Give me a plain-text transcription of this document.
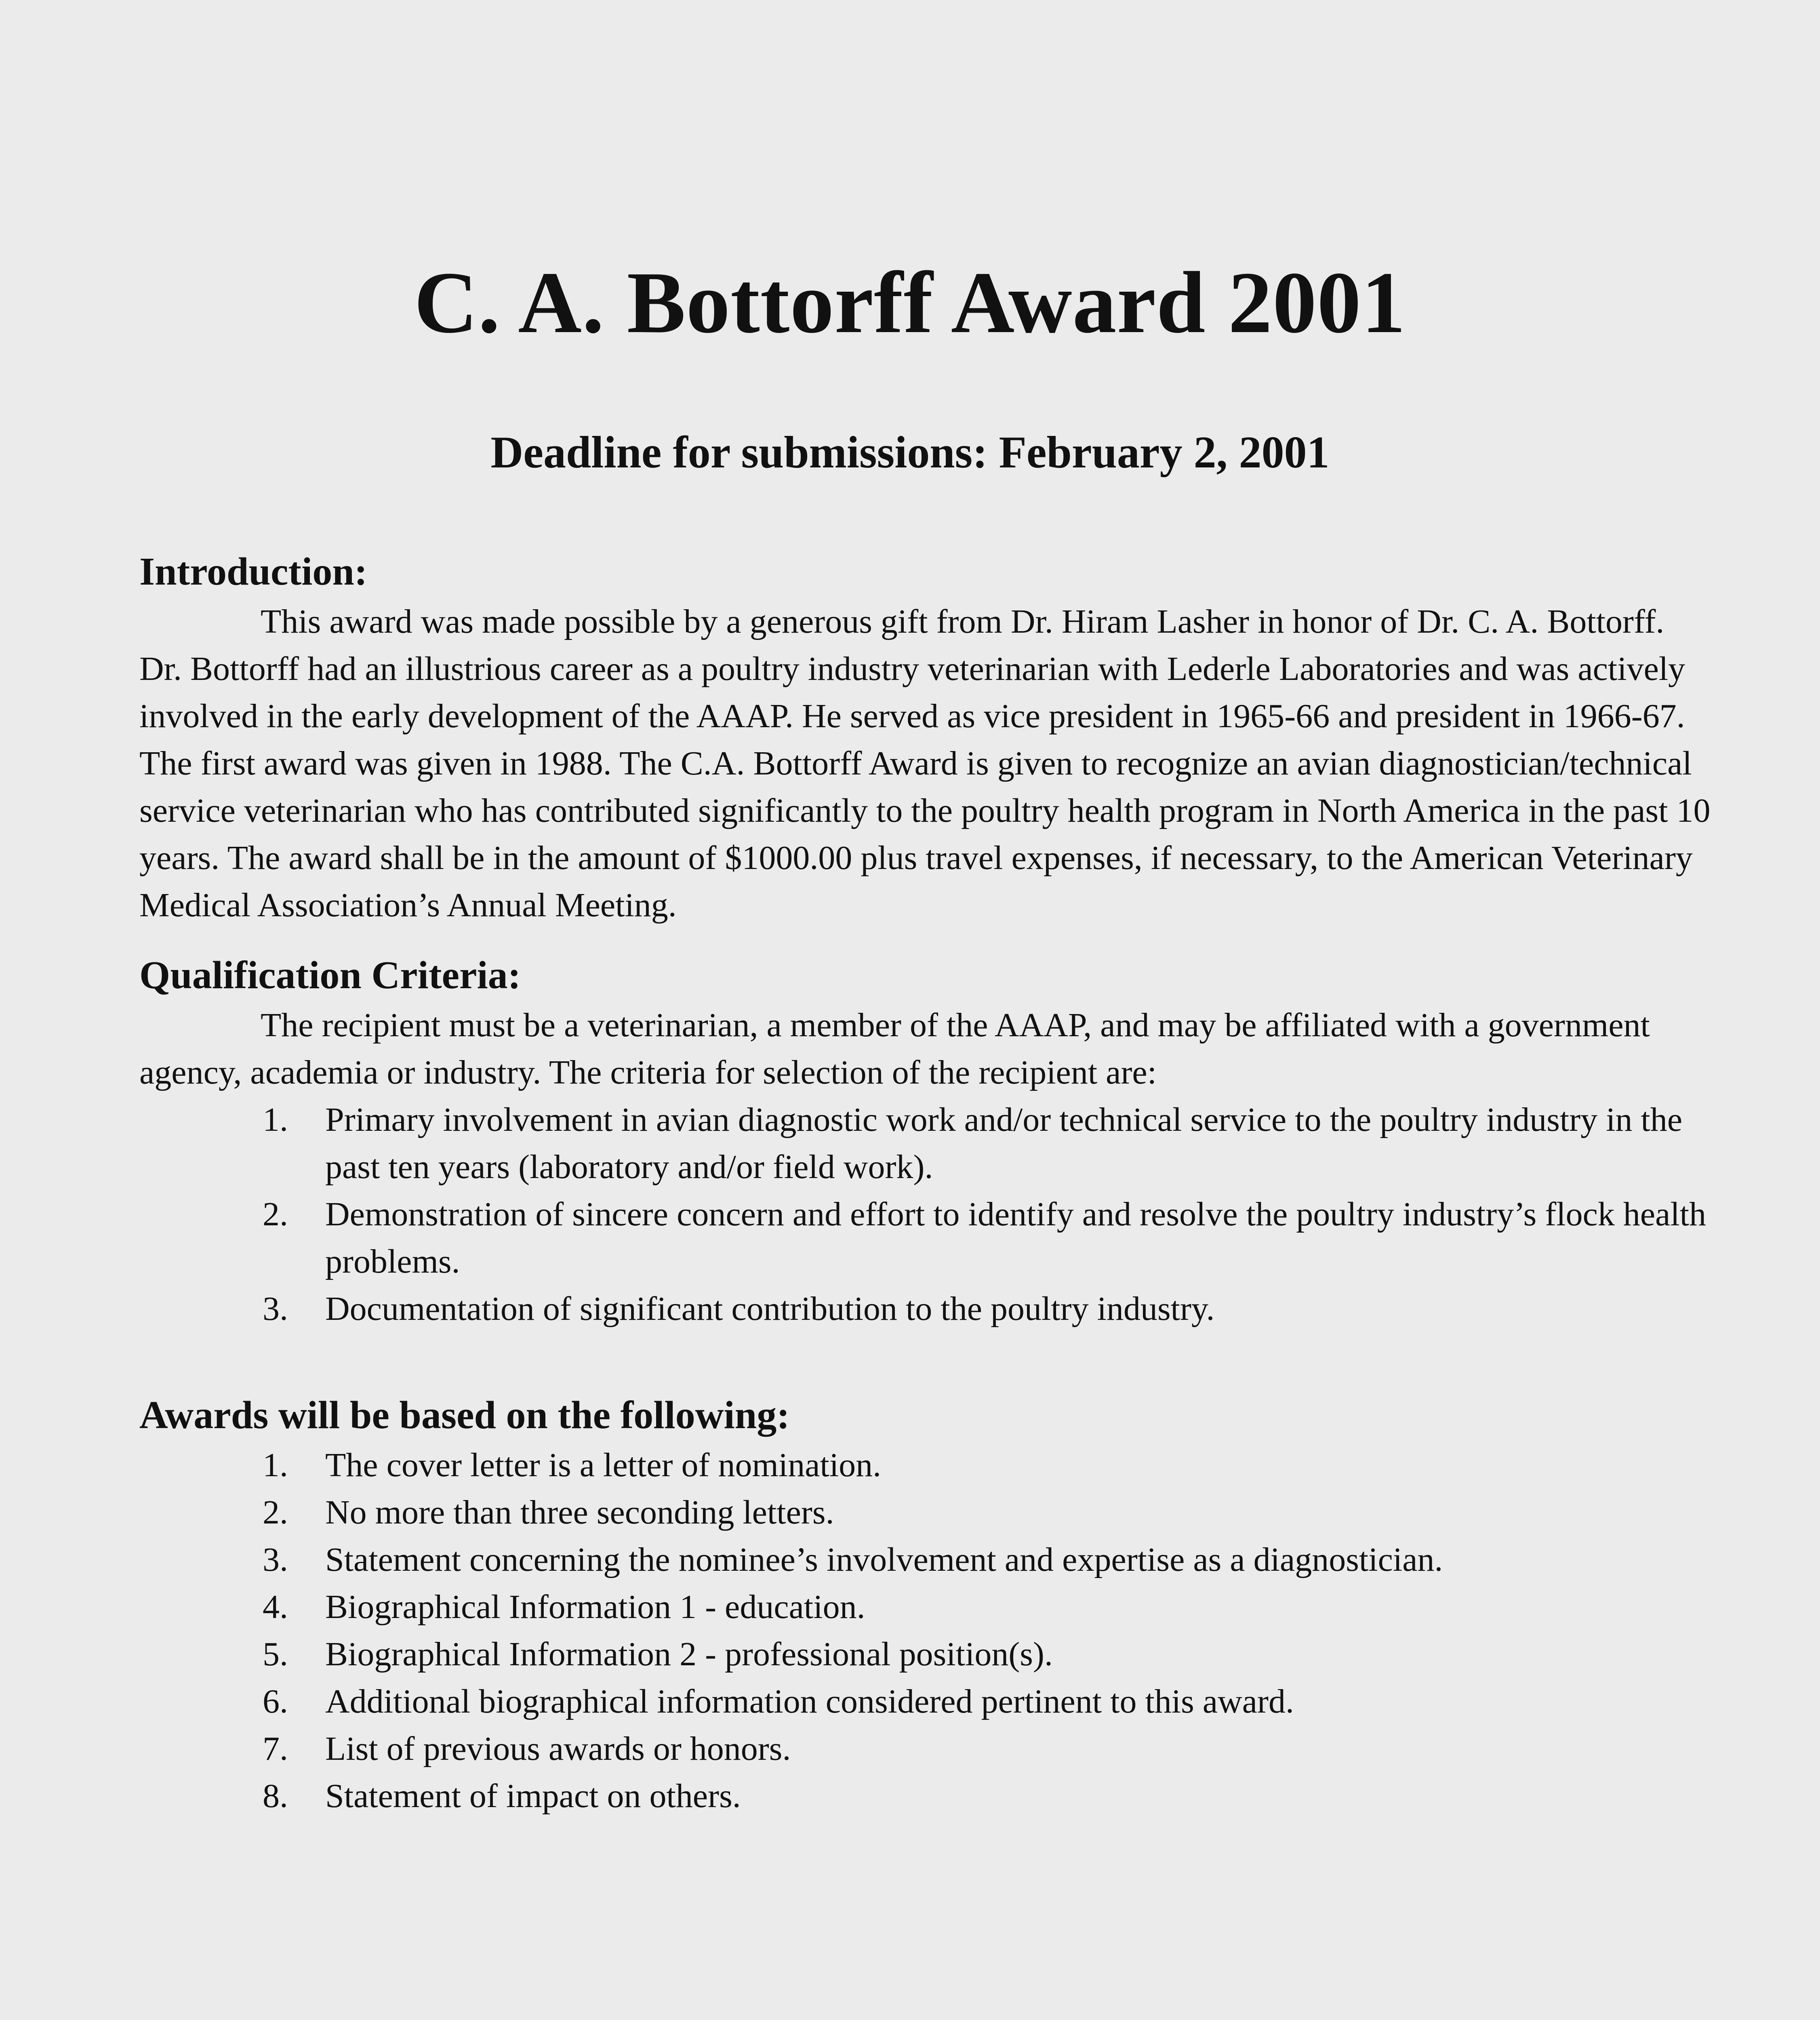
C. A. Bottorff Award 2001
Deadline for submissions: February 2, 2001

Introduction:

This award was made possible by a generous gift from Dr. Hiram Lasher in honor of Dr. C. A. Bottorff. Dr. Bottorff had an illustrious career as a poultry industry veterinarian with Lederle Laboratories and was actively involved in the early development of the AAAP. He served as vice president in 1965-66 and president in 1966-67. The first award was given in 1988. The C.A. Bottorff Award is given to recognize an avian diagnostician/technical service veterinarian who has contributed significantly to the poultry health program in North America in the past 10 years. The award shall be in the amount of $1000.00 plus travel expenses, if necessary, to the American Veterinary Medical Association’s Annual Meeting.

Qualification Criteria:

The recipient must be a veterinarian, a member of the AAAP, and may be affiliated with a government agency, academia or industry. The criteria for selection of the recipient are:

1. Primary involvement in avian diagnostic work and/or technical service to the poultry industry in the past ten years (laboratory and/or field work).
2. Demonstration of sincere concern and effort to identify and resolve the poultry industry’s flock health problems.
3. Documentation of significant contribution to the poultry industry.

Awards will be based on the following:

1. The cover letter is a letter of nomination.
2. No more than three seconding letters.
3. Statement concerning the nominee’s involvement and expertise as a diagnostician.
4. Biographical Information 1 - education.
5. Biographical Information 2 - professional position(s).
6. Additional biographical information considered pertinent to this award.
7. List of previous awards or honors.
8. Statement of impact on others.
